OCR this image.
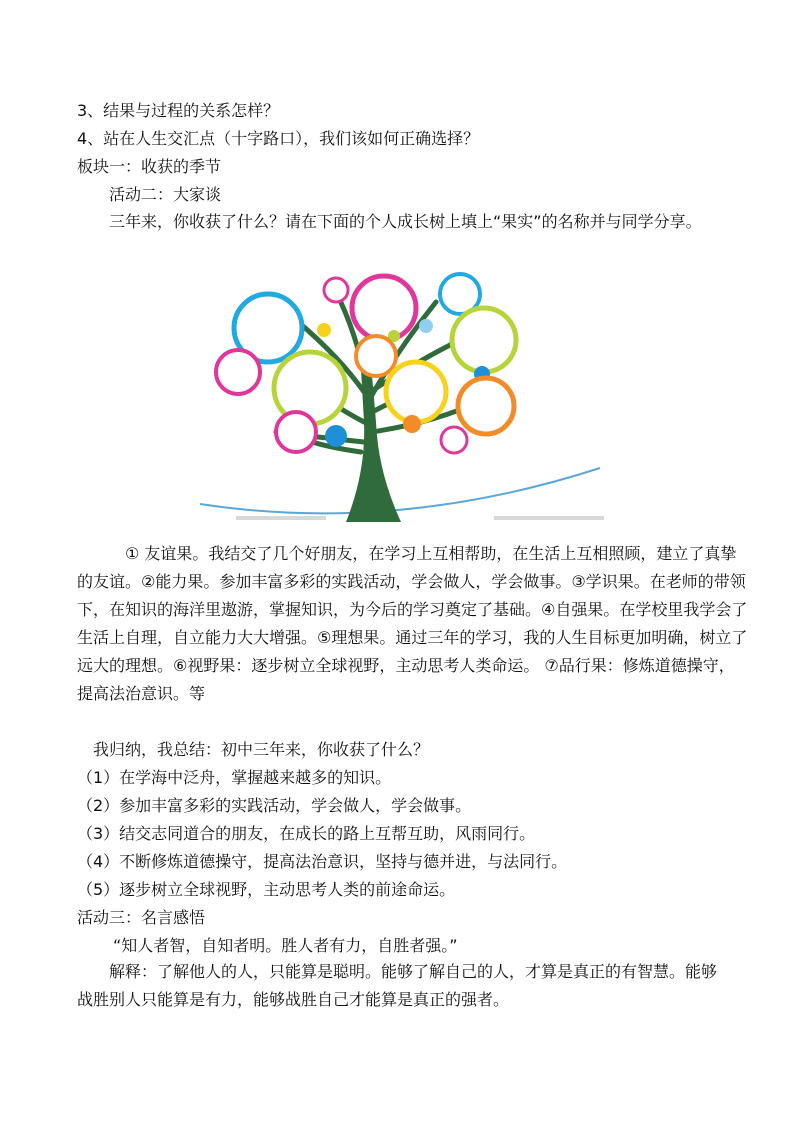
3、结果与过程的关系怎样？
4、站在人生交汇点（十字路口），我们该如何正确选择？
板块一：收获的季节
活动二：大家谈
三年来，你收获了什么？请在下面的个人成长树上填上“果实”的名称并与同学分享。
① 友谊果。我结交了几个好朋友，在学习上互相帮助，在生活上互相照顾，建立了真挚的友谊。②能力果。参加丰富多彩的实践活动，学会做人，学会做事。③学识果。在老师的带领下，在知识的海洋里遨游，掌握知识，为今后的学习奠定了基础。④自强果。在学校里我学会了生活上自理，自立能力大大增强。⑤理想果。通过三年的学习，我的人生目标更加明确，树立了远大的理想。⑥视野果：逐步树立全球视野，主动思考人类命运。 ⑦品行果：修炼道德操守，提高法治意识。等
我归纳，我总结：初中三年来，你收获了什么？
（1）在学海中泛舟，掌握越来越多的知识。
（2）参加丰富多彩的实践活动，学会做人，学会做事。
（3）结交志同道合的朋友，在成长的路上互帮互助，风雨同行。
（4）不断修炼道德操守，提高法治意识，坚持与德并进，与法同行。
（5）逐步树立全球视野，主动思考人类的前途命运。
活动三：名言感悟
“知人者智，自知者明。胜人者有力，自胜者强。”
解释：了解他人的人，只能算是聪明。能够了解自己的人，才算是真正的有智慧。能够战胜别人只能算是有力，能够战胜自己才能算是真正的强者。
